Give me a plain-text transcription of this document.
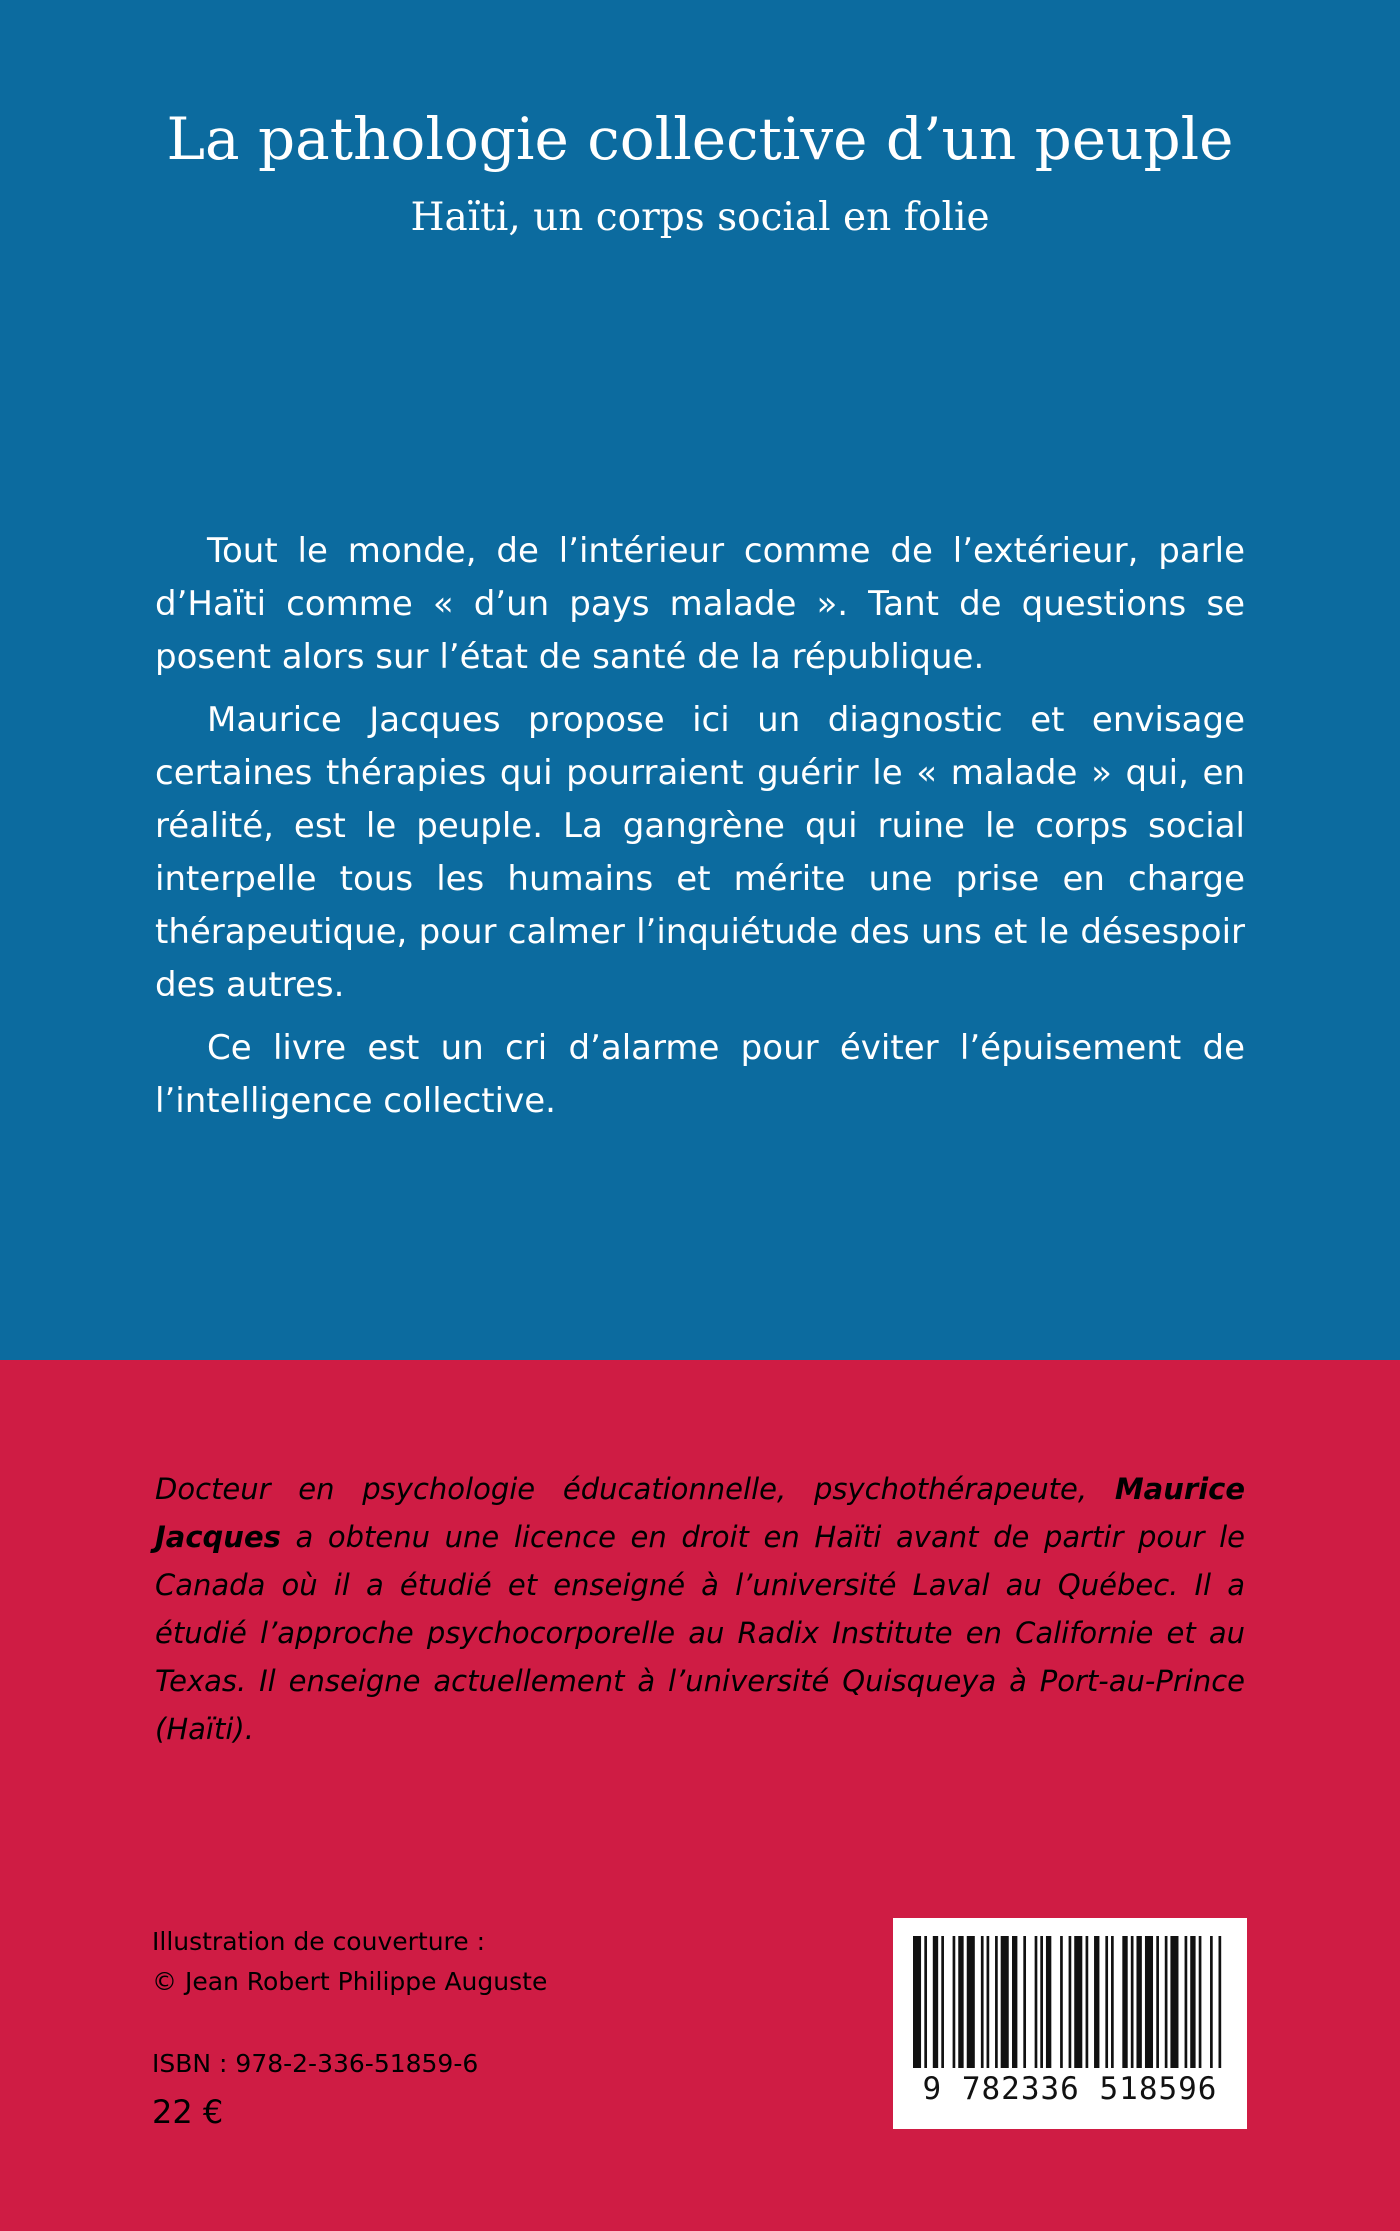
La pathologie collective d’un peuple
Haïti, un corps social en folie

Tout le monde, de l’intérieur comme de l’extérieur, parle d’Haïti comme « d’un pays malade ». Tant de questions se posent alors sur l’état de santé de la république.

Maurice Jacques propose ici un diagnostic et envisage certaines thérapies qui pourraient guérir le « malade » qui, en réalité, est le peuple. La gangrène qui ruine le corps social interpelle tous les humains et mérite une prise en charge thérapeutique, pour calmer l’inquiétude des uns et le désespoir des autres.

Ce livre est un cri d’alarme pour éviter l’épuisement de l’intelligence collective.

Docteur en psychologie éducationnelle, psychothérapeute, Maurice Jacques a obtenu une licence en droit en Haïti avant de partir pour le Canada où il a étudié et enseigné à l’université Laval au Québec. Il a étudié l’approche psychocorporelle au Radix Institute en Californie et au Texas. Il enseigne actuellement à l’université Quisqueya à Port-au-Prince (Haïti).

Illustration de couverture :
© Jean Robert Philippe Auguste
ISBN : 978-2-336-51859-6
22 €
9 782336 518596
